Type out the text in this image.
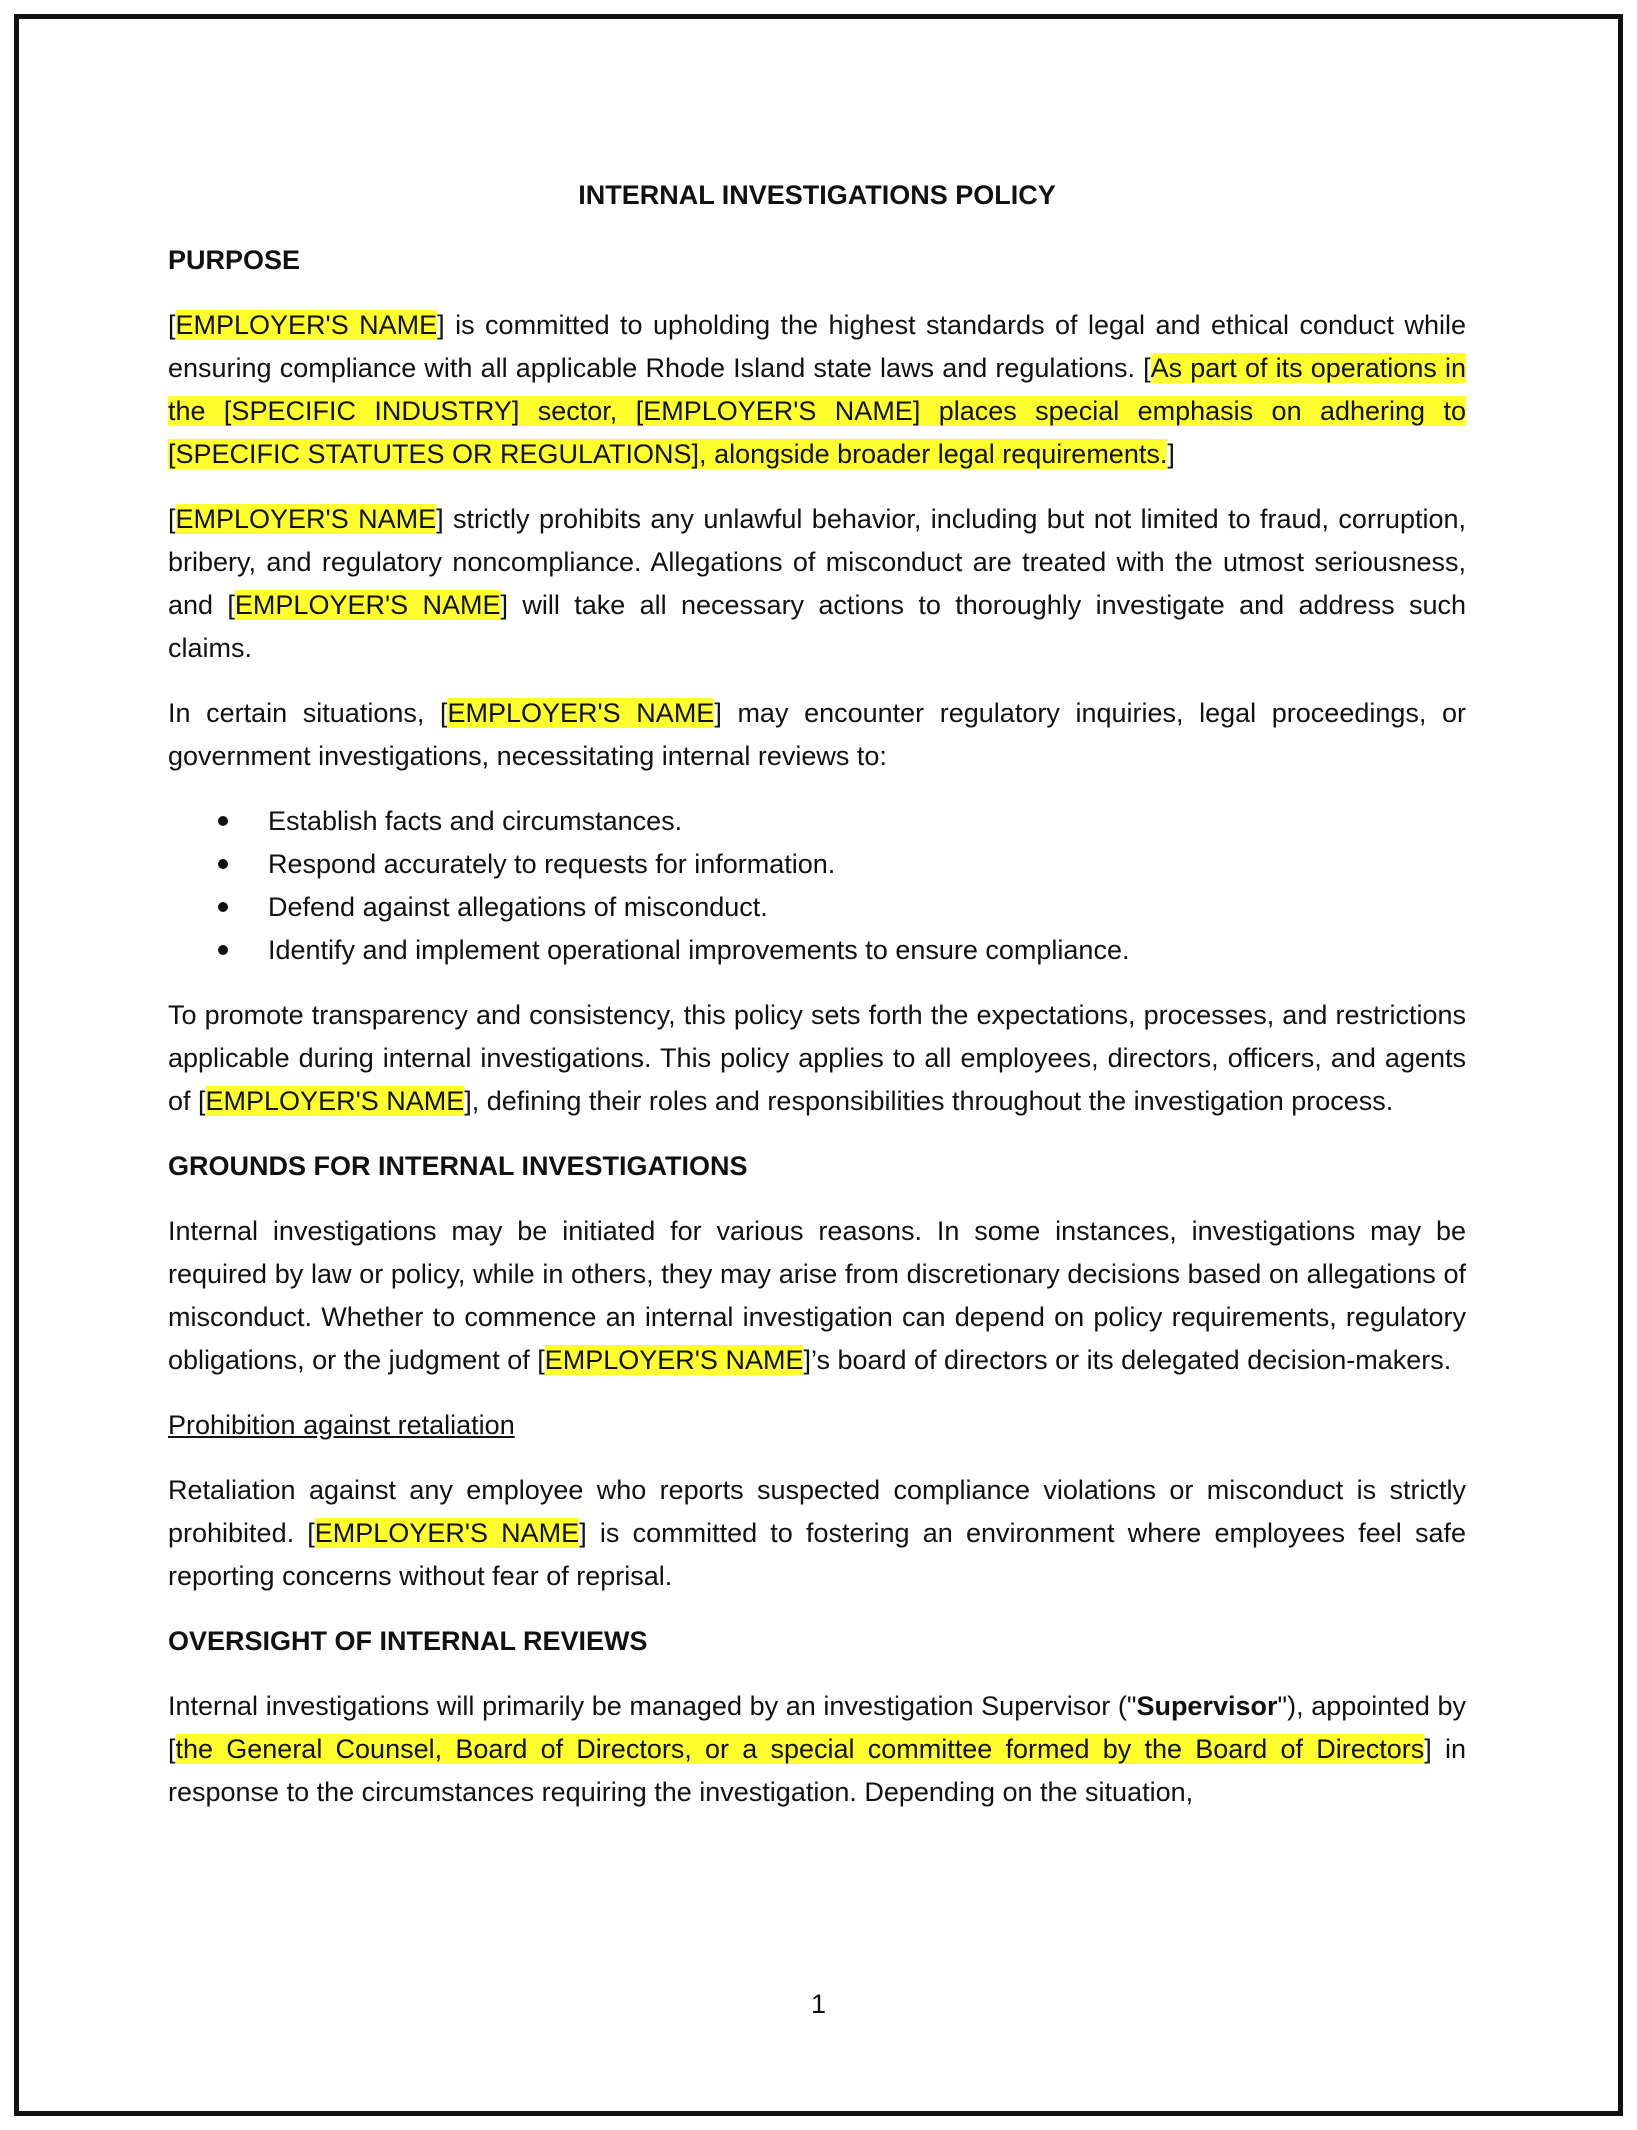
INTERNAL INVESTIGATIONS POLICY
PURPOSE

[EMPLOYER'S NAME] is committed to upholding the highest standards of legal and ethical conduct while ensuring compliance with all applicable Rhode Island state laws and regulations. [As part of its operations in the [SPECIFIC INDUSTRY] sector, [EMPLOYER'S NAME] places special emphasis on adhering to [SPECIFIC STATUTES OR REGULATIONS], alongside broader legal requirements.]

[EMPLOYER'S NAME] strictly prohibits any unlawful behavior, including but not limited to fraud, corruption, bribery, and regulatory noncompliance. Allegations of misconduct are treated with the utmost seriousness, and [EMPLOYER'S NAME] will take all necessary actions to thoroughly investigate and address such claims.

In certain situations, [EMPLOYER'S NAME] may encounter regulatory inquiries, legal proceedings, or government investigations, necessitating internal reviews to:

Establish facts and circumstances.
Respond accurately to requests for information.
Defend against allegations of misconduct.
Identify and implement operational improvements to ensure compliance.

To promote transparency and consistency, this policy sets forth the expectations, processes, and restrictions applicable during internal investigations. This policy applies to all employees, directors, officers, and agents of [EMPLOYER'S NAME], defining their roles and responsibilities throughout the investigation process.

GROUNDS FOR INTERNAL INVESTIGATIONS

Internal investigations may be initiated for various reasons. In some instances, investigations may be required by law or policy, while in others, they may arise from discretionary decisions based on allegations of misconduct. Whether to commence an internal investigation can depend on policy requirements, regulatory obligations, or the judgment of [EMPLOYER'S NAME]’s board of directors or its delegated decision-makers.

Prohibition against retaliation

Retaliation against any employee who reports suspected compliance violations or misconduct is strictly prohibited. [EMPLOYER'S NAME] is committed to fostering an environment where employees feel safe reporting concerns without fear of reprisal.

OVERSIGHT OF INTERNAL REVIEWS

Internal investigations will primarily be managed by an investigation Supervisor ("Supervisor"), appointed by [the General Counsel, Board of Directors, or a special committee formed by the Board of Directors] in response to the circumstances requiring the investigation. Depending on the situation,

1
